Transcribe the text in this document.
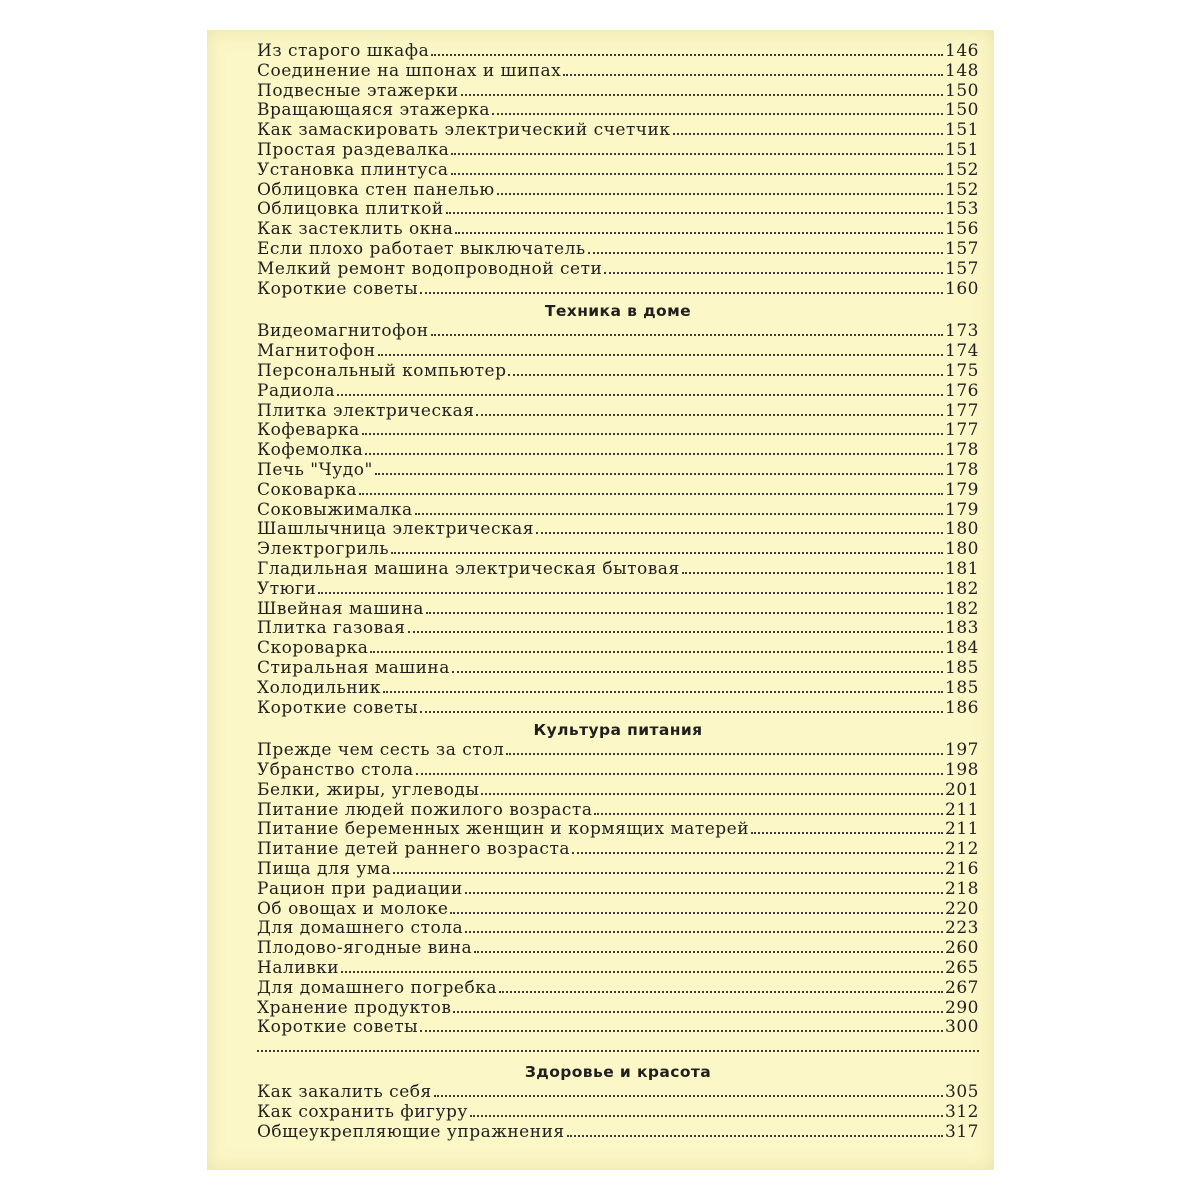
Из старого шкафа	146
Соединение на шпонах и шипах	148
Подвесные этажерки	150
Вращающаяся этажерка	150
Как замаскировать электрический счетчик	151
Простая раздевалка	151
Установка плинтуса	152
Облицовка стен панелью	152
Облицовка плиткой	153
Как застеклить окна	156
Если плохо работает выключатель	157
Мелкий ремонт водопроводной сети	157
Короткие советы	160
Техника в доме
Видеомагнитофон	173
Магнитофон	174
Персональный компьютер	175
Радиола	176
Плитка электрическая	177
Кофеварка	177
Кофемолка	178
Печь "Чудо"	178
Соковарка	179
Соковыжималка	179
Шашлычница электрическая	180
Электрогриль	180
Гладильная машина электрическая бытовая	181
Утюги	182
Швейная машина	182
Плитка газовая	183
Скороварка	184
Стиральная машина	185
Холодильник	185
Короткие советы	186
Культура питания
Прежде чем сесть за стол	197
Убранство стола	198
Белки, жиры, углеводы	201
Питание людей пожилого возраста	211
Питание беременных женщин и кормящих матерей	211
Питание детей раннего возраста	212
Пища для ума	216
Рацион при радиации	218
Об овощах и молоке	220
Для домашнего стола	223
Плодово-ягодные вина	260
Наливки	265
Для домашнего погребка	267
Хранение продуктов	290
Короткие советы	300
Здоровье и красота
Как закалить себя	305
Как сохранить фигуру	312
Общеукрепляющие упражнения	317
